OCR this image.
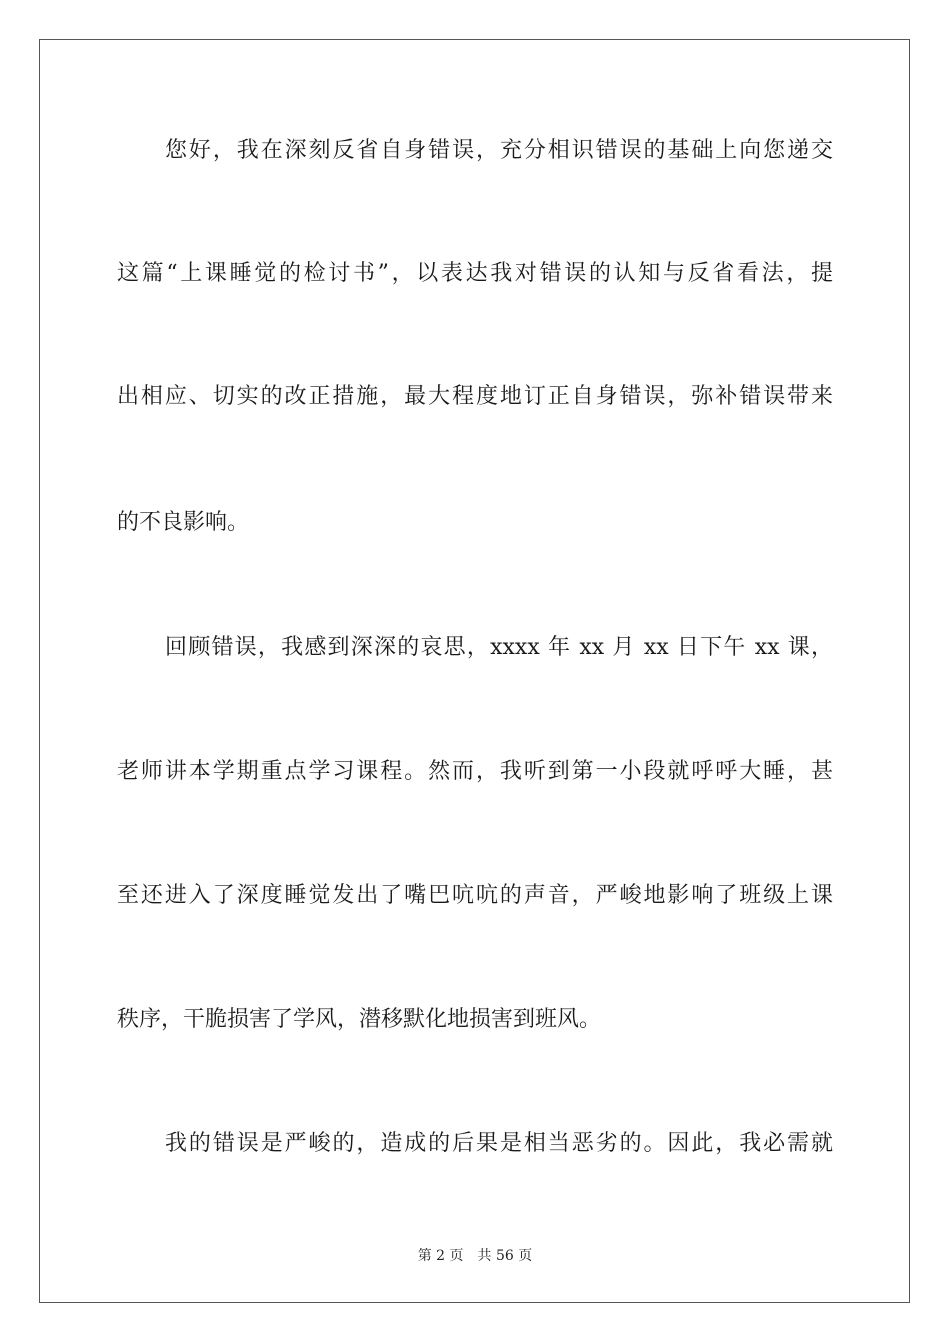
您好，我在深刻反省自身错误，充分相识错误的基础上向您递交
这篇“上课睡觉的检讨书”，以表达我对错误的认知与反省看法，提
出相应、切实的改正措施，最大程度地订正自身错误，弥补错误带来
的不良影响。
回顾错误，我感到深深的哀思，xxxx 年 xx 月 xx 日下午 xx 课，
老师讲本学期重点学习课程。然而，我听到第一小段就呼呼大睡，甚
至还进入了深度睡觉发出了嘴巴吭吭的声音，严峻地影响了班级上课
秩序，干脆损害了学风，潜移默化地损害到班风。
我的错误是严峻的，造成的后果是相当恶劣的。因此，我必需就
第 2 页 共 56 页
